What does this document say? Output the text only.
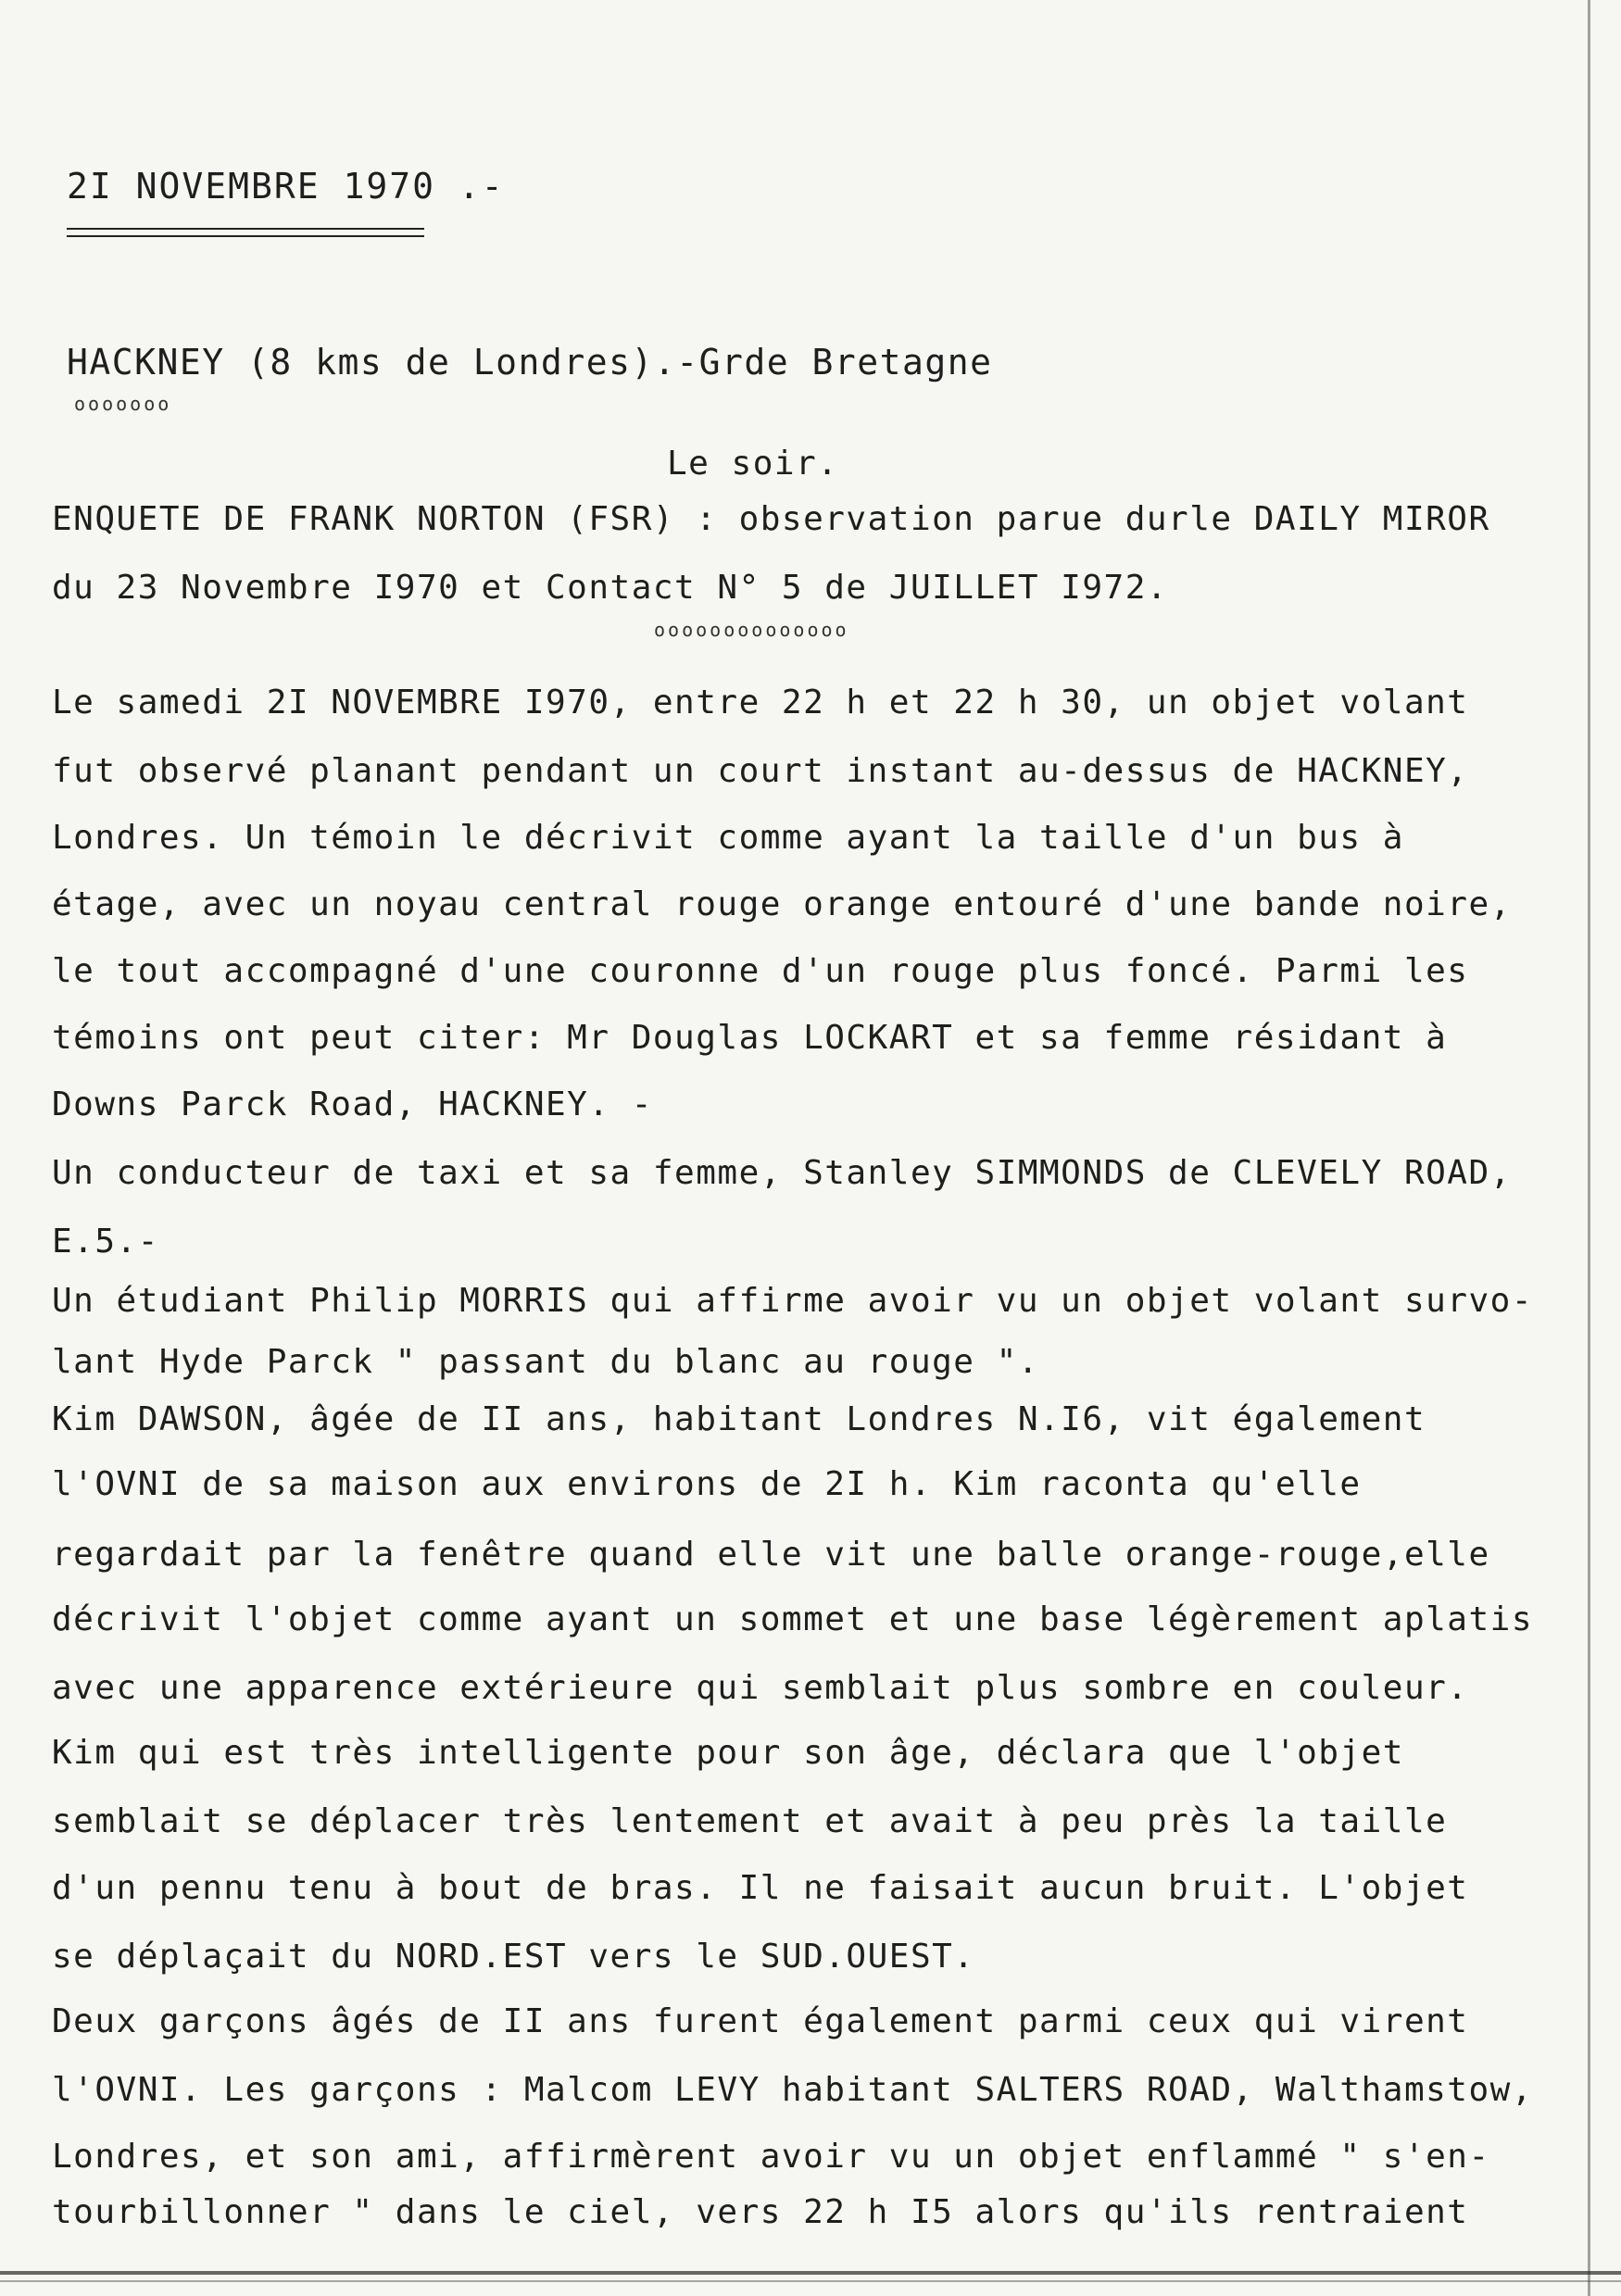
2I NOVEMBRE 1970 .-
HACKNEY (8 kms de Londres).-Grde Bretagne
ooooooo
Le soir.
ENQUETE DE FRANK NORTON (FSR) : observation parue durle DAILY MIROR
du 23 Novembre I970 et Contact N° 5 de JUILLET I972.
oooooooooooooo
Le samedi 2I NOVEMBRE I970, entre 22 h et 22 h 30, un objet volant
fut observé planant pendant un court instant au-dessus de HACKNEY,
Londres. Un témoin le décrivit comme ayant la taille d'un bus à
étage, avec un noyau central rouge orange entouré d'une bande noire,
le tout accompagné d'une couronne d'un rouge plus foncé. Parmi les
témoins ont peut citer: Mr Douglas LOCKART et sa femme résidant à
Downs Parck Road, HACKNEY. -
Un conducteur de taxi et sa femme, Stanley SIMMONDS de CLEVELY ROAD,
E.5.-
Un étudiant Philip MORRIS qui affirme avoir vu un objet volant survo-
lant Hyde Parck " passant du blanc au rouge ".
Kim DAWSON, âgée de II ans, habitant Londres N.I6, vit également
l'OVNI de sa maison aux environs de 2I h. Kim raconta qu'elle
regardait par la fenêtre quand elle vit une balle orange-rouge,elle
décrivit l'objet comme ayant un sommet et une base légèrement aplatis
avec une apparence extérieure qui semblait plus sombre en couleur.
Kim qui est très intelligente pour son âge, déclara que l'objet
semblait se déplacer très lentement et avait à peu près la taille
d'un pennu tenu à bout de bras. Il ne faisait aucun bruit. L'objet
se déplaçait du NORD.EST vers le SUD.OUEST.
Deux garçons âgés de II ans furent également parmi ceux qui virent
l'OVNI. Les garçons : Malcom LEVY habitant SALTERS ROAD, Walthamstow,
Londres, et son ami, affirmèrent avoir vu un objet enflammé " s'en-
tourbillonner " dans le ciel, vers 22 h I5 alors qu'ils rentraient
